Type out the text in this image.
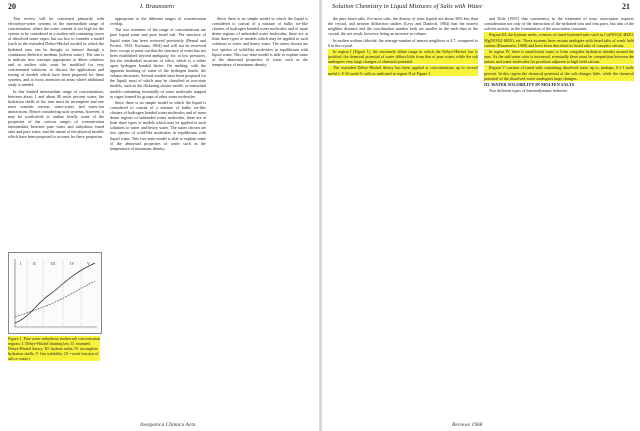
20	I. Braunstein

This review will be concerned primarily with electrolyte-water systems in the intermediate range of concentration, where the water content is too high for the system to be considered as a molten salt containing traces of dissolved water vapor, but too low to consider a model (such as the extended Debye-Hückel model) in which the hydrated ions can be thought to interact through a continuous dielectric medium (solvent water). The aim is to indicate how concepts appropriate to dilute solutions and to molten salts must be modified for very concentrated solutions, to discuss the application and testing of models which have been proposed for these systems, and to focus attention on areas where additional study is needed.

In this limited intermediate range of concentrations, between about 1 and about 80 mole percent water, the hydration shells of the ions must be incomplete and one must consider ion-ion, water-water, and water-ion interactions. Before considering such systems, however, it may be worthwhile to outline briefly some of the properties of the various ranges of concentration intermediate between pure water and anhydrous fused salts and pure water, and the nature of the physical models which have been proposed to account for these properties.

I	II	III	IV	V
Figure 1. Pure water-anhydrous molten salt concentration regions: I. Debye-Hückel limiting law; II. extended Debye-Hückel theory; III. hydrate melts; IV. incomplete hydration shells; V. Gas solubility. (X = mole fraction of salt or water.)

appropriate to the different ranges of concentration overlap.

The two extremes of the range of concentrations are pure liquid water and pure fused salt. The structure of liquid water has been reviewed previously (Bernal and Fowler, 1933; Kavanau, 1964) and will not be reviewed here, except to point out that the structure of water has not been established beyond ambiguity, for, at low pressures, has the tetrahedral structure of silica, which is a rather open hydrogen bonded lattice. On melting, with the apparent breaking of some of the hydrogen bonds, the volume decreases. Several models have been proposed for the liquid, most of which may be classified as two-state models, such as the flickering cluster model, or interstitial models containing essentially of water molecules trapped in cages formed by groups of other water molecules.

Since there is no simple model in which the liquid is considered to consist of a mixture of bulky ice-like clusters of hydrogen bonded water molecules and of more dense regions of unbonded water molecules, there are at least three types of models which may be applied to such solutions to water and heavy water. The states chosen are two species of solid-like molecules in equilibrium with liquid water. This two-state model is able to explain some of the abnormal properties of water such as the temperature of maximum density.

Since there is no simple model in which the liquid is considered to consist of a mixture of bulky ice-like clusters of hydrogen bonded water molecules and of more dense regions of unbonded water molecules, there are at least three types of models which may be applied to such solutions to water and heavy water. The states chosen are two species of solid-like molecules in equilibrium with liquid water. This two-state model is able to explain some of the abnormal properties of water such as the temperature of maximum density.

Inorganica Chimica Acta
Solution Chemistry in Liquid Mixtures of Salts with Water	21

the pure fused salts. For most salts, the density of ionic liquids are about 30% less than the crystal, and neutron diffraction studies (Levy and Danford, 1964) that the nearest neighbor distance and the coordination number both are smaller in the melt than in the crystal, the net result, however, being an increase in volume.

In molten sodium chloride, the average number of nearest neighbors is 4.7, compared to 6 in the crystal.

In region I (Figure 1), the extremely dilute range in which the Debye-Hückel law is justified, the chemical potential of water differs little from that of pure water, while the salt undergoes very large changes of chemical potential.

The extended Debye-Hückel theory has been applied at concentrations up to several molal (~5-10 mole % salt) as indicated in region II of Figure 1.

and Dole (1967) that consistency in the treatment of ionic association requires consideration not only of the interaction of the hydrated ions and ions pairs, but also of the solvent activity, in the formulation of the association constants.

Region III, the hydrate melts, consists of fused hydrated salts such as Ca(NO3)2·4H2O, Mg(NO3)2·6H2O, etc. These systems have certain analogies with fused salts of weak field cations (Braunstein, 1968) and have been described as fused salts of complex cations.

In region IV, there is insufficient water to form complete hydration sheaths around the ions. As the salt/water ratio is increased, eventually there must be competition between the anions and water molecules for positions adjacent to high field cations.

Region V consists of fused salts containing dissolved water up to, perhaps, 0.1-1 mole percent. In this region the chemical potential of the salt changes little, while the chemical potential of the dissolved water undergoes large changes.

III. WATER SOLUBILITY IN MOLTEN SALTS

Two different types of thermodynamic behavior

Reviews 1968
